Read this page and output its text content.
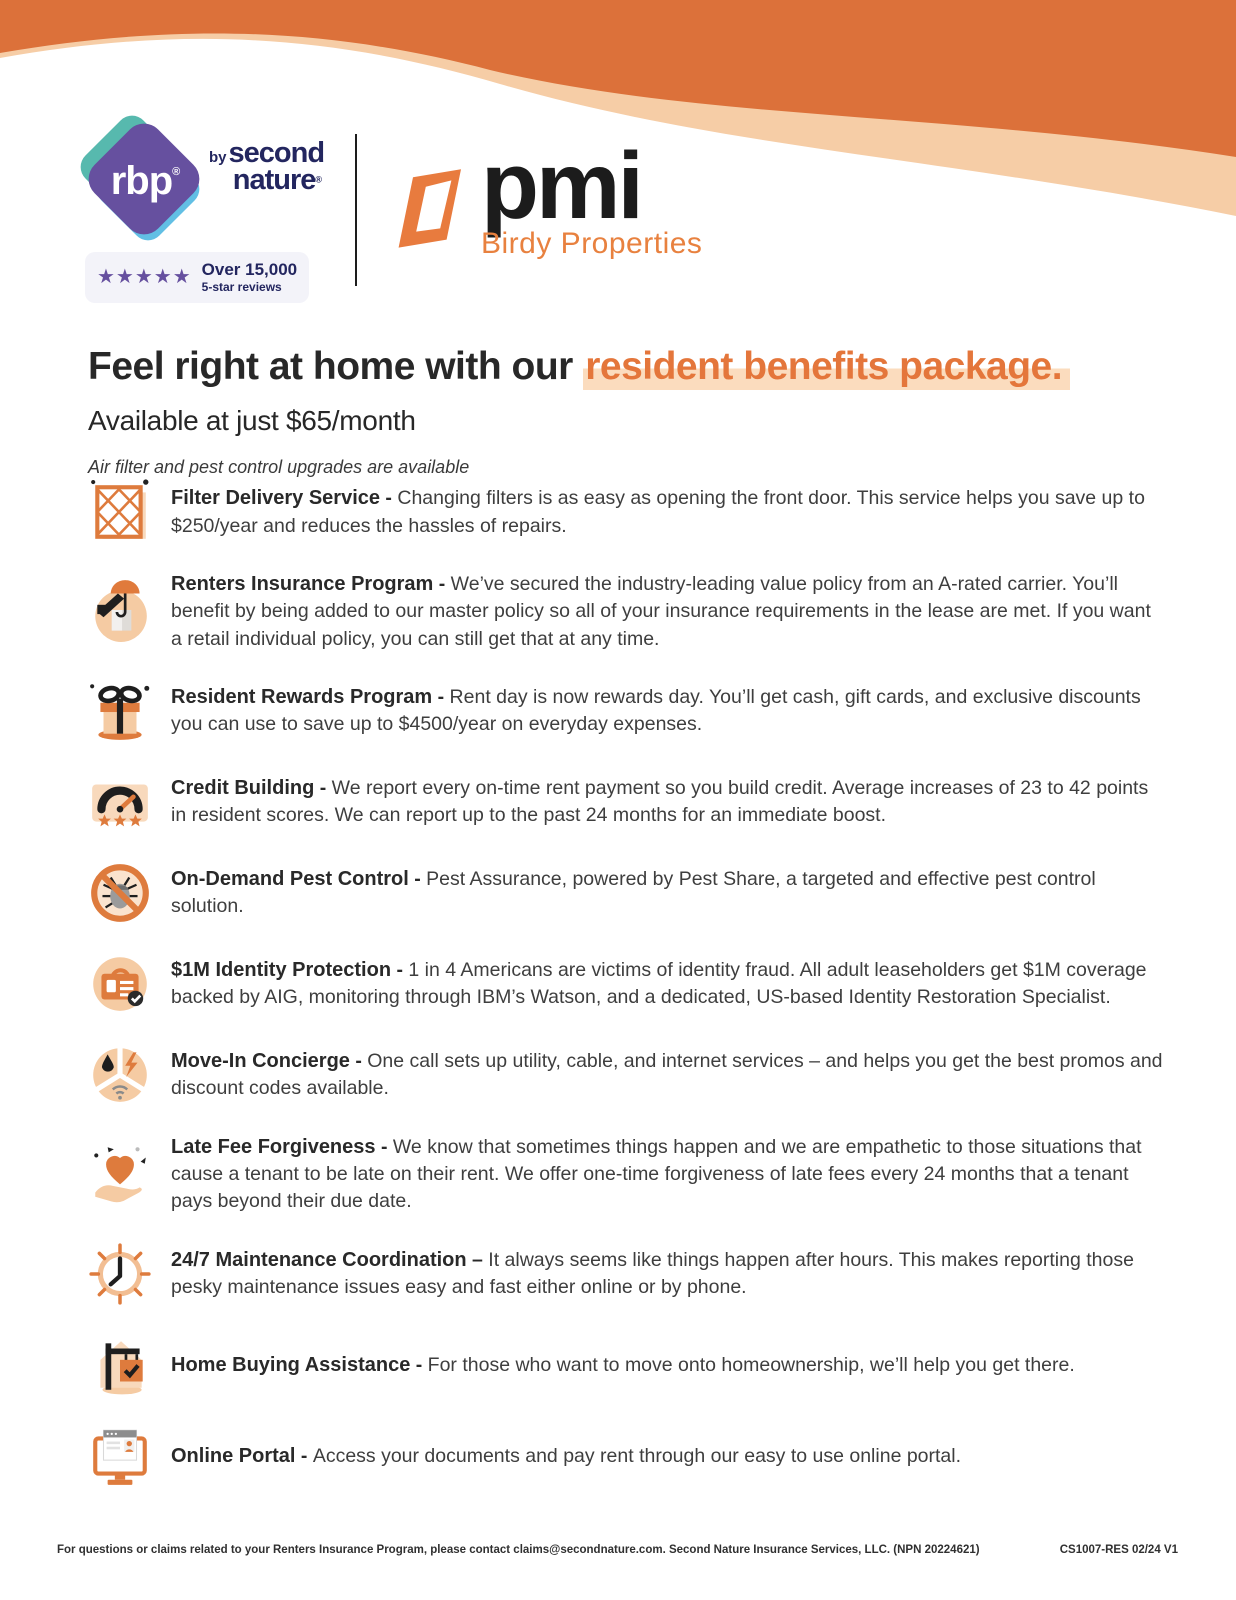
rbp®
bysecond
nature®
★★★★★ Over 15,000
5-star reviews
pmi
Birdy Properties
Feel right at home with our resident benefits package.
Available at just $65/month
Air filter and pest control upgrades are available

Filter Delivery Service - Changing filters is as easy as opening the front door. This service helps you save up to $250/year and reduces the hassles of repairs.

Renters Insurance Program - We’ve secured the industry-leading value policy from an A-rated carrier. You’ll benefit by being added to our master policy so all of your insurance requirements in the lease are met. If you want a retail individual policy, you can still get that at any time.

Resident Rewards Program - Rent day is now rewards day. You’ll get cash, gift cards, and exclusive discounts you can use to save up to $4500/year on everyday expenses.

Credit Building - We report every on-time rent payment so you build credit. Average increases of 23 to 42 points in resident scores. We can report up to the past 24 months for an immediate boost.

On-Demand Pest Control - Pest Assurance, powered by Pest Share, a targeted and effective pest control solution.

$1M Identity Protection - 1 in 4 Americans are victims of identity fraud. All adult leaseholders get $1M coverage backed by AIG, monitoring through IBM’s Watson, and a dedicated, US-based Identity Restoration Specialist.

Move-In Concierge - One call sets up utility, cable, and internet services – and helps you get the best promos and discount codes available.

Late Fee Forgiveness - We know that sometimes things happen and we are empathetic to those situations that cause a tenant to be late on their rent. We offer one-time forgiveness of late fees every 24 months that a tenant pays beyond their due date.

24/7 Maintenance Coordination – It always seems like things happen after hours. This makes reporting those pesky maintenance issues easy and fast either online or by phone.

Home Buying Assistance - For those who want to move onto homeownership, we’ll help you get there.

Online Portal - Access your documents and pay rent through our easy to use online portal.

For questions or claims related to your Renters Insurance Program, please contact claims@secondnature.com. Second Nature Insurance Services, LLC. (NPN 20224621)	CS1007-RES 02/24 V1
